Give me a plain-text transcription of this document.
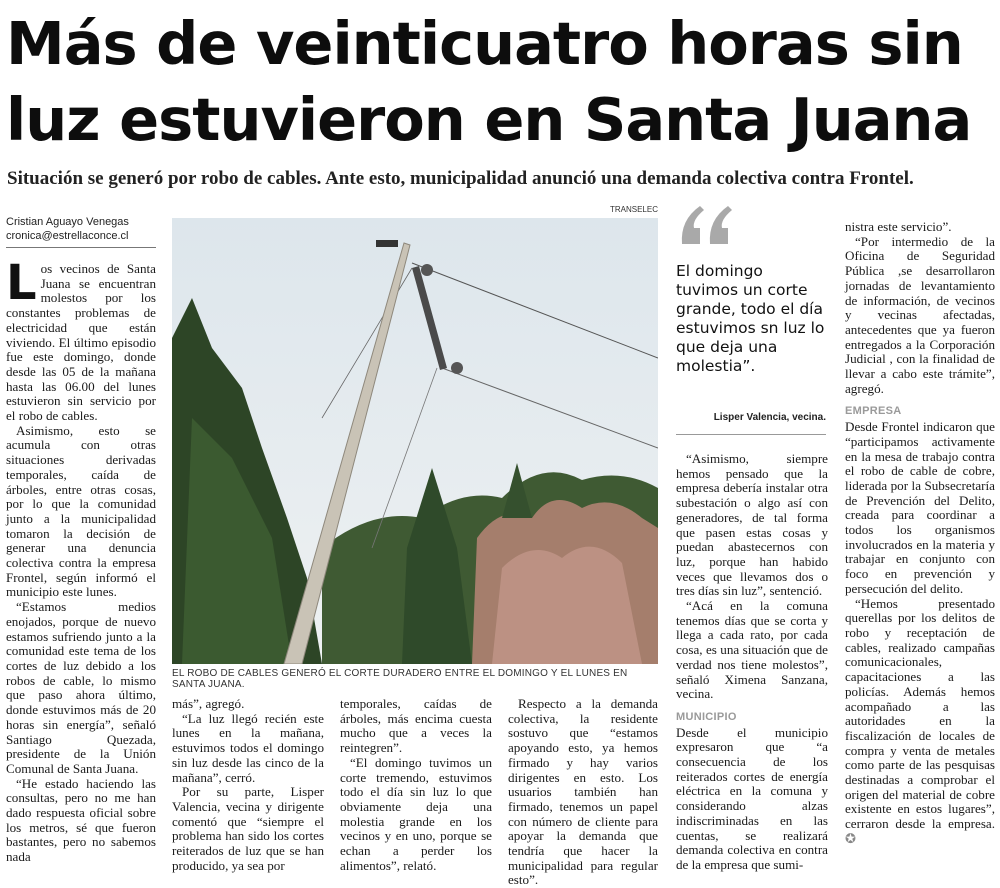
Más de veinticuatro horas sin luz estuvieron en Santa Juana
Situación se generó por robo de cables. Ante esto, municipalidad anunció una demanda colectiva contra Frontel.
Cristian Aguayo Venegas
cronica@estrellaconce.cl

Los vecinos de Santa Juana se encuentran molestos por los constantes problemas de electricidad que están viviendo. El último episodio fue este domingo, donde desde las 05 de la mañana hasta las 06.00 del lunes estuvieron sin servicio por el robo de cables.

Asimismo, esto se acumula con otras situaciones derivadas temporales, caída de árboles, entre otras cosas, por lo que la comunidad junto a la municipalidad tomaron la decisión de generar una denuncia colectiva contra la empresa Frontel, según informó el municipio este lunes.

“Estamos medios enojados, porque de nuevo estamos sufriendo junto a la comunidad este tema de los cortes de luz debido a los robos de cable, lo mismo que paso ahora último, donde estuvimos más de 20 horas sin energía”, señaló Santiago Quezada, presidente de la Unión Comunal de Santa Juana.

“He estado haciendo las consultas, pero no me han dado respuesta oficial sobre los metros, sé que fueron bastantes, pero no sabemos nada

TRANSELEC
EL ROBO DE CABLES GENERÓ EL CORTE DURADERO ENTRE EL DOMINGO Y EL LUNES EN SANTA JUANA.

más”, agregó.

“La luz llegó recién este lunes en la mañana, estuvimos todos el domingo sin luz desde las cinco de la mañana”, cerró.

Por su parte, Lisper Valencia, vecina y dirigente comentó que “siempre el problema han sido los cortes reiterados de luz que se han producido, ya sea por

temporales, caídas de árboles, más encima cuesta mucho que a veces la reintegren”.

“El domingo tuvimos un corte tremendo, estuvimos todo el día sin luz lo que obviamente deja una molestia grande en los vecinos y en uno, porque se echan a perder los alimentos”, relató.

Respecto a la demanda colectiva, la residente sostuvo que “estamos apoyando esto, ya hemos firmado y hay varios dirigentes en esto. Los usuarios también han firmado, tenemos un papel con número de cliente para apoyar la demanda que tendría que hacer la municipalidad para regular esto”.

El domingo tuvimos un corte grande, todo el día estuvimos sn luz lo que deja una molestia”.
Lisper Valencia, vecina.

“Asimismo, siempre hemos pensado que la empresa debería instalar otra subestación o algo así con generadores, de tal forma que pasen estas cosas y puedan abastecernos con luz, porque han habido veces que llevamos dos o tres días sin luz”, sentenció.

“Acá en la comuna tenemos días que se corta y llega a cada rato, por cada cosa, es una situación que de verdad nos tiene molestos”, señaló Ximena Sanzana, vecina.

MUNICIPIO

Desde el municipio expresaron que “a consecuencia de los reiterados cortes de energía eléctrica en la comuna y considerando alzas indiscriminadas en las cuentas, se realizará demanda colectiva en contra de la empresa que sumi-

nistra este servicio”.

“Por intermedio de la Oficina de Seguridad Pública ,se desarrollaron jornadas de levantamiento de información, de vecinos y vecinas afectadas, antecedentes que ya fueron entregados a la Corporación Judicial , con la finalidad de llevar a cabo este trámite”, agregó.

EMPRESA

Desde Frontel indicaron que “participamos activamente en la mesa de trabajo contra el robo de cable de cobre, liderada por la Subsecretaría de Prevención del Delito, creada para coordinar a todos los organismos involucrados en la materia y trabajar en conjunto con foco en prevención y persecución del delito.

“Hemos presentado querellas por los delitos de robo y receptación de cables, realizado campañas comunicacionales, capacitaciones a las policías. Además hemos acompañado a las autoridades en la fiscalización de locales de compra y venta de metales como parte de las pesquisas destinadas a comprobar el origen del material de cobre existente en estos lugares”, cerraron desde la empresa. ✪
